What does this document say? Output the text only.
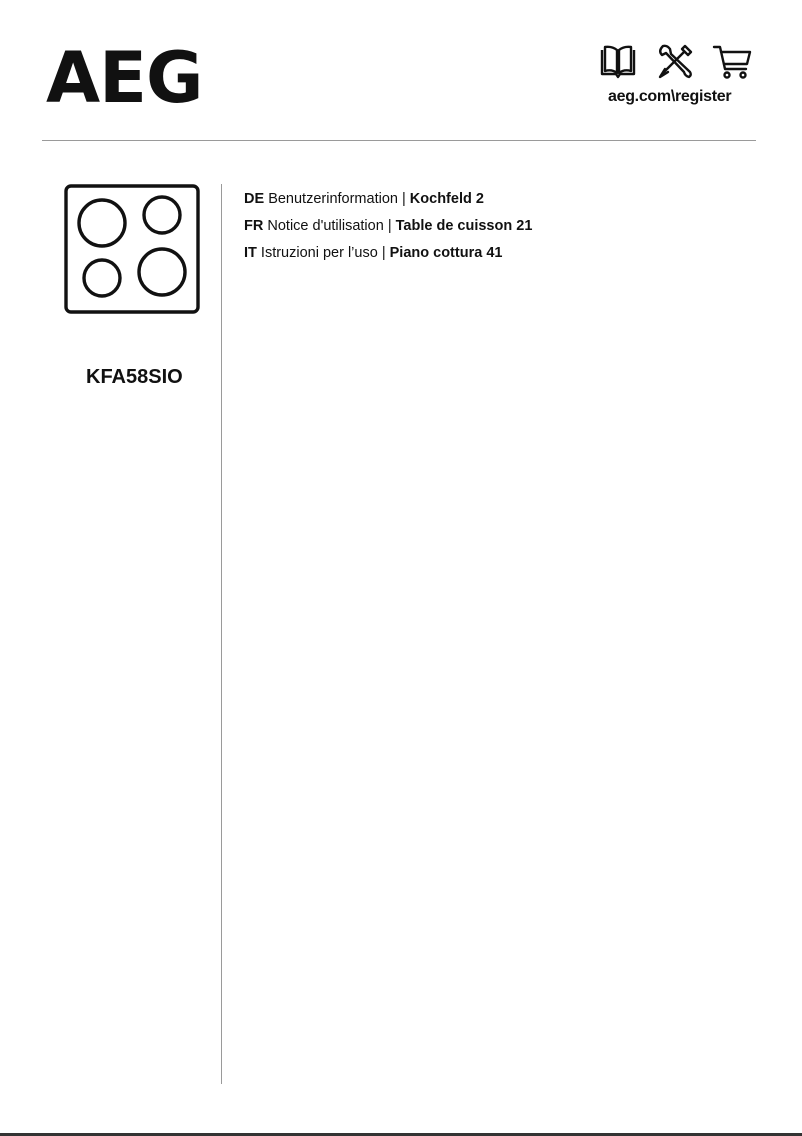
AEG	aeg.com\register
KFA58SIO
DE Benutzerinformation | Kochfeld 2
FR Notice d'utilisation | Table de cuisson 21
IT Istruzioni per l’uso | Piano cottura 41
